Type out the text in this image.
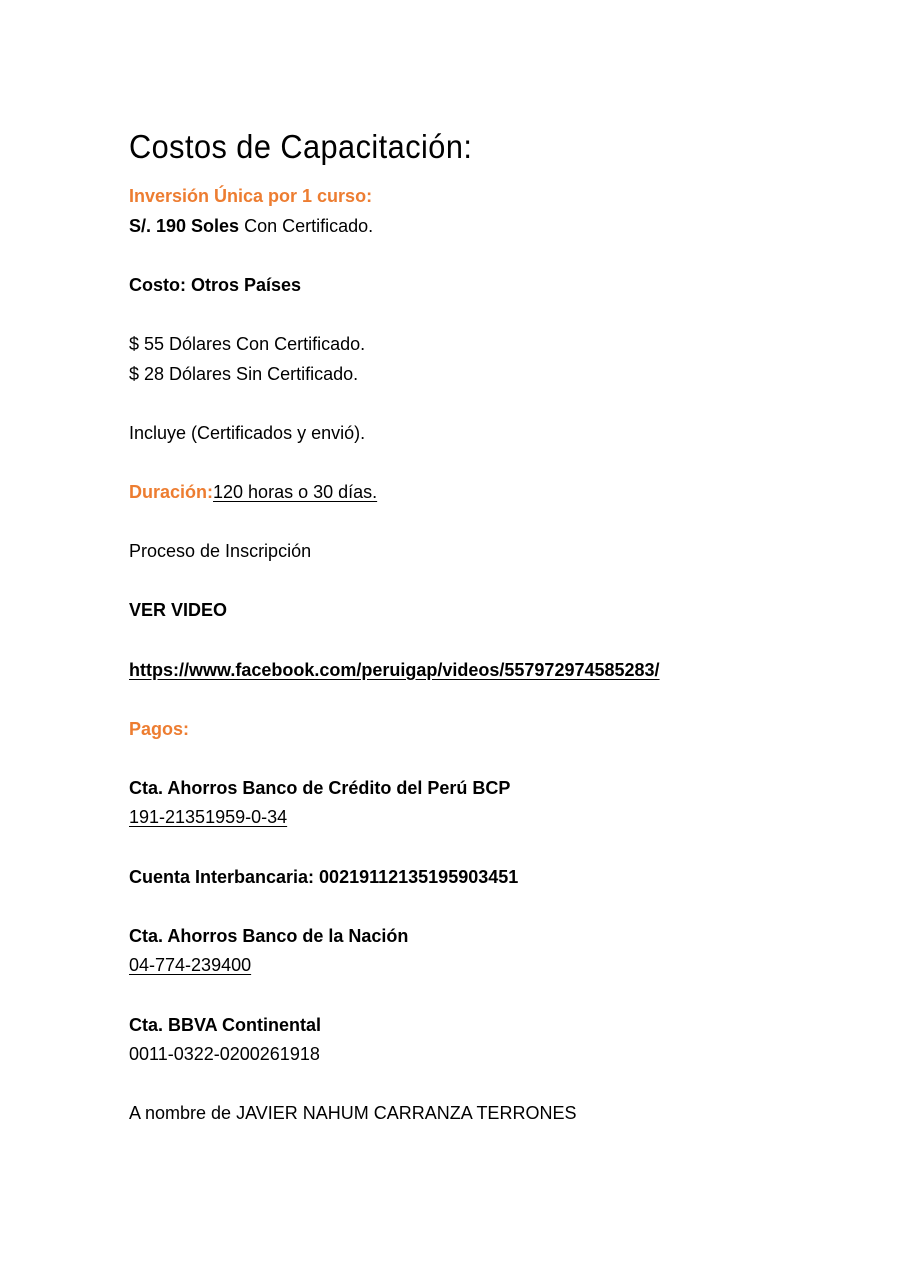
Costos de Capacitación:
Inversión Única por 1 curso:
S/. 190 Soles Con Certificado.
Costo: Otros Países
$ 55 Dólares Con Certificado.
$ 28 Dólares Sin Certificado.
Incluye (Certificados y envió).
Duración:120 horas o 30 días.
Proceso de Inscripción
VER VIDEO
https://www.facebook.com/peruigap/videos/557972974585283/
Pagos:
Cta. Ahorros Banco de Crédito del Perú BCP
191-21351959-0-34
Cuenta Interbancaria: 00219112135195903451
Cta. Ahorros Banco de la Nación
04-774-239400
Cta. BBVA Continental
0011-0322-0200261918
A nombre de JAVIER NAHUM CARRANZA TERRONES
